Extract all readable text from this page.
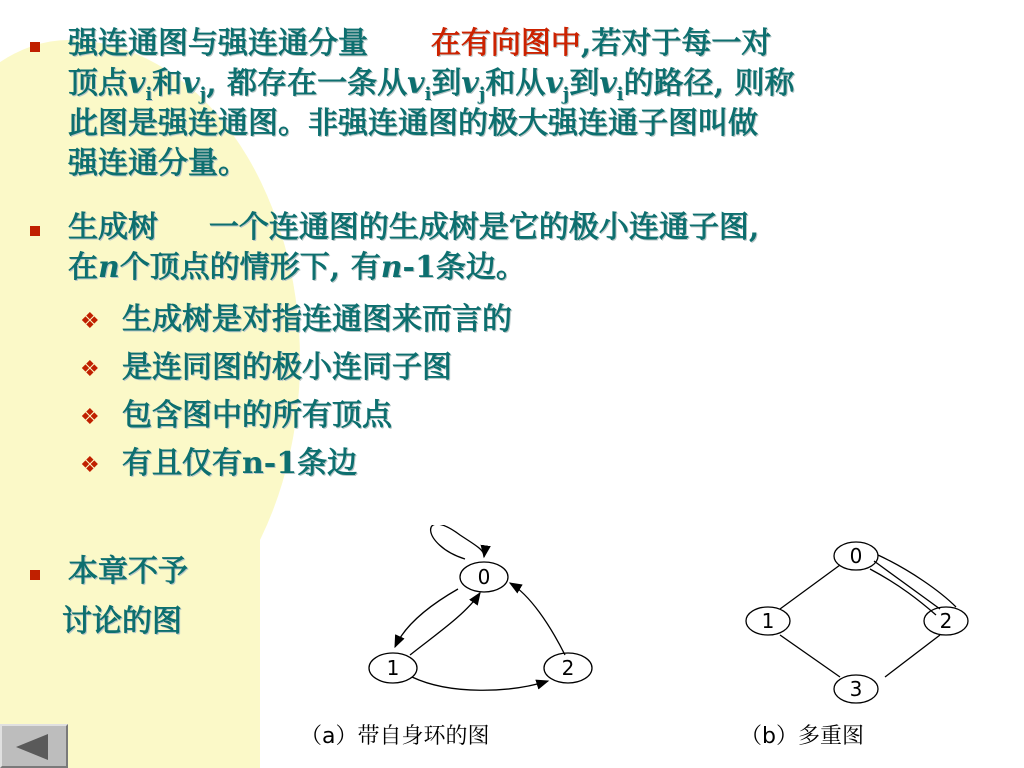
强连通图与强连通分量 在有向图中,若对于每一对
顶点$v_i$和$v_j$, 都存在一条从$v_i$到$v_j$和从$v_j$到$v_i$的路径, 则称
此图是强连通图。非强连通图的极大强连通子图叫做
强连通分量。
生成树 一个连通图的生成树是它的极小连通子图,
在n个顶点的情形下, 有n-1条边。
❖ 生成树是对指连通图来而言的
❖ 是连同图的极小连同子图
❖ 包含图中的所有顶点
❖ 有且仅有n-1条边
本章不予
讨论的图
0
1	2
0
1	2
3
（a）带自身环的图	（b）多重图
